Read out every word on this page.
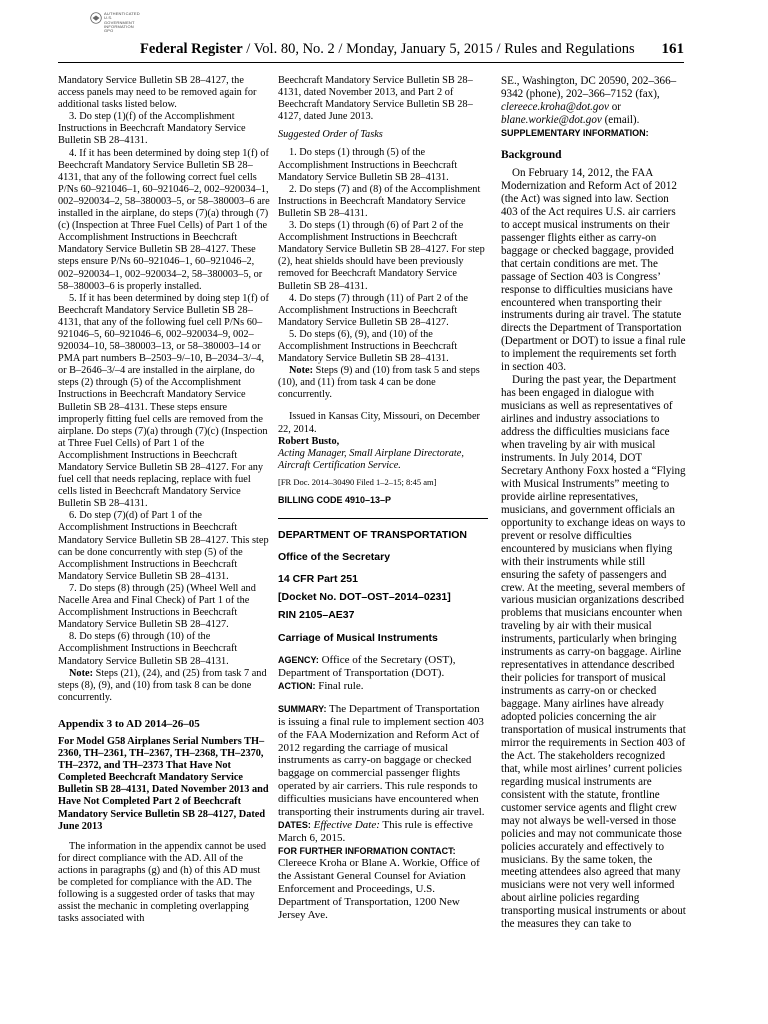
AUTHENTICATED
U.S. GOVERNMENT
INFORMATION
GPO
Federal Register / Vol. 80, No. 2 / Monday, January 5, 2015 / Rules and Regulations 161

Mandatory Service Bulletin SB 28–4127, the access panels may need to be removed again for additional tasks listed below.

3. Do step (1)(f) of the Accomplishment Instructions in Beechcraft Mandatory Service Bulletin SB 28–4131.

4. If it has been determined by doing step 1(f) of Beechcraft Mandatory Service Bulletin SB 28–4131, that any of the following correct fuel cells P/Ns 60–921046–1, 60–921046–2, 002–920034–1, 002–920034–2, 58–380003–5, or 58–380003–6 are installed in the airplane, do steps (7)(a) through (7)(c) (Inspection at Three Fuel Cells) of Part 1 of the Accomplishment Instructions in Beechcraft Mandatory Service Bulletin SB 28–4127. These steps ensure P/Ns 60–921046–1, 60–921046–2, 002–920034–1, 002–920034–2, 58–380003–5, or 58–380003–6 is properly installed.

5. If it has been determined by doing step 1(f) of Beechcraft Mandatory Service Bulletin SB 28–4131, that any of the following fuel cell P/Ns 60–921046–5, 60–921046–6, 002–920034–9, 002–920034–10, 58–380003–13, or 58–380003–14 or PMA part numbers B–2503–9/–10, B–2034–3/–4, or B–2646–3/–4 are installed in the airplane, do steps (2) through (5) of the Accomplishment Instructions in Beechcraft Mandatory Service Bulletin SB 28–4131. These steps ensure improperly fitting fuel cells are removed from the airplane. Do steps (7)(a) through (7)(c) (Inspection at Three Fuel Cells) of Part 1 of the Accomplishment Instructions in Beechcraft Mandatory Service Bulletin SB 28–4127. For any fuel cell that needs replacing, replace with fuel cells listed in Beechcraft Mandatory Service Bulletin SB 28–4131.

6. Do step (7)(d) of Part 1 of the Accomplishment Instructions in Beechcraft Mandatory Service Bulletin SB 28–4127. This step can be done concurrently with step (5) of the Accomplishment Instructions in Beechcraft Mandatory Service Bulletin SB 28–4131.

7. Do steps (8) through (25) (Wheel Well and Nacelle Area and Final Check) of Part 1 of the Accomplishment Instructions in Beechcraft Mandatory Service Bulletin SB 28–4127.

8. Do steps (6) through (10) of the Accomplishment Instructions in Beechcraft Mandatory Service Bulletin SB 28–4131.

Note: Steps (21), (24), and (25) from task 7 and steps (8), (9), and (10) from task 8 can be done concurrently.

Appendix 3 to AD 2014–26–05

For Model G58 Airplanes Serial Numbers TH–2360, TH–2361, TH–2367, TH–2368, TH–2370, TH–2372, and TH–2373 That Have Not Completed Beechcraft Mandatory Service Bulletin SB 28–4131, Dated November 2013 and Have Not Completed Part 2 of Beechcraft Mandatory Service Bulletin SB 28–4127, Dated June 2013

The information in the appendix cannot be used for direct compliance with the AD. All of the actions in paragraphs (g) and (h) of this AD must be completed for compliance with the AD. The following is a suggested order of tasks that may assist the mechanic in completing overlapping tasks associated with

Beechcraft Mandatory Service Bulletin SB 28–4131, dated November 2013, and Part 2 of Beechcraft Mandatory Service Bulletin SB 28–4127, dated June 2013.

Suggested Order of Tasks

1. Do steps (1) through (5) of the Accomplishment Instructions in Beechcraft Mandatory Service Bulletin SB 28–4131.

2. Do steps (7) and (8) of the Accomplishment Instructions in Beechcraft Mandatory Service Bulletin SB 28–4131.

3. Do steps (1) through (6) of Part 2 of the Accomplishment Instructions in Beechcraft Mandatory Service Bulletin SB 28–4127. For step (2), heat shields should have been previously removed for Beechcraft Mandatory Service Bulletin SB 28–4131.

4. Do steps (7) through (11) of Part 2 of the Accomplishment Instructions in Beechcraft Mandatory Service Bulletin SB 28–4127.

5. Do steps (6), (9), and (10) of the Accomplishment Instructions in Beechcraft Mandatory Service Bulletin SB 28–4131.

Note: Steps (9) and (10) from task 5 and steps (10), and (11) from task 4 can be done concurrently.

Issued in Kansas City, Missouri, on December 22, 2014.

Robert Busto,

Acting Manager, Small Airplane Directorate, Aircraft Certification Service.

[FR Doc. 2014–30490 Filed 1–2–15; 8:45 am]

BILLING CODE 4910–13–P

DEPARTMENT OF TRANSPORTATION

Office of the Secretary

14 CFR Part 251

[Docket No. DOT–OST–2014–0231]

RIN 2105–AE37

Carriage of Musical Instruments

AGENCY: Office of the Secretary (OST), Department of Transportation (DOT).

ACTION: Final rule.

SUMMARY: The Department of Transportation is issuing a final rule to implement section 403 of the FAA Modernization and Reform Act of 2012 regarding the carriage of musical instruments as carry-on baggage or checked baggage on commercial passenger flights operated by air carriers. This rule responds to difficulties musicians have encountered when transporting their instruments during air travel.

DATES: Effective Date: This rule is effective March 6, 2015.

FOR FURTHER INFORMATION CONTACT:

Clereece Kroha or Blane A. Workie, Office of the Assistant General Counsel for Aviation Enforcement and Proceedings, U.S. Department of Transportation, 1200 New Jersey Ave.

SE., Washington, DC 20590, 202–366–9342 (phone), 202–366–7152 (fax),

clereece.kroha@dot.gov or

blane.workie@dot.gov (email).

SUPPLEMENTARY INFORMATION:

Background

On February 14, 2012, the FAA Modernization and Reform Act of 2012 (the Act) was signed into law. Section 403 of the Act requires U.S. air carriers to accept musical instruments on their passenger flights either as carry-on baggage or checked baggage, provided that certain conditions are met. The passage of Section 403 is Congress’ response to difficulties musicians have encountered when transporting their instruments during air travel. The statute directs the Department of Transportation (Department or DOT) to issue a final rule to implement the requirements set forth in section 403.

During the past year, the Department has been engaged in dialogue with musicians as well as representatives of airlines and industry associations to address the difficulties musicians face when traveling by air with musical instruments. In July 2014, DOT Secretary Anthony Foxx hosted a “Flying with Musical Instruments” meeting to provide airline representatives, musicians, and government officials an opportunity to exchange ideas on ways to prevent or resolve difficulties encountered by musicians when flying with their instruments while still ensuring the safety of passengers and crew. At the meeting, several members of various musician organizations described problems that musicians encounter when traveling by air with their musical instruments, particularly when bringing instruments as carry-on baggage. Airline representatives in attendance described their policies for transport of musical instruments as carry-on or checked baggage. Many airlines have already adopted policies concerning the air transportation of musical instruments that mirror the requirements in Section 403 of the Act. The stakeholders recognized that, while most airlines’ current policies regarding musical instruments are consistent with the statute, frontline customer service agents and flight crew may not always be well-versed in those policies and may not communicate those policies accurately and effectively to musicians. By the same token, the meeting attendees also agreed that many musicians were not very well informed about airline policies regarding transporting musical instruments or about the measures they can take to
